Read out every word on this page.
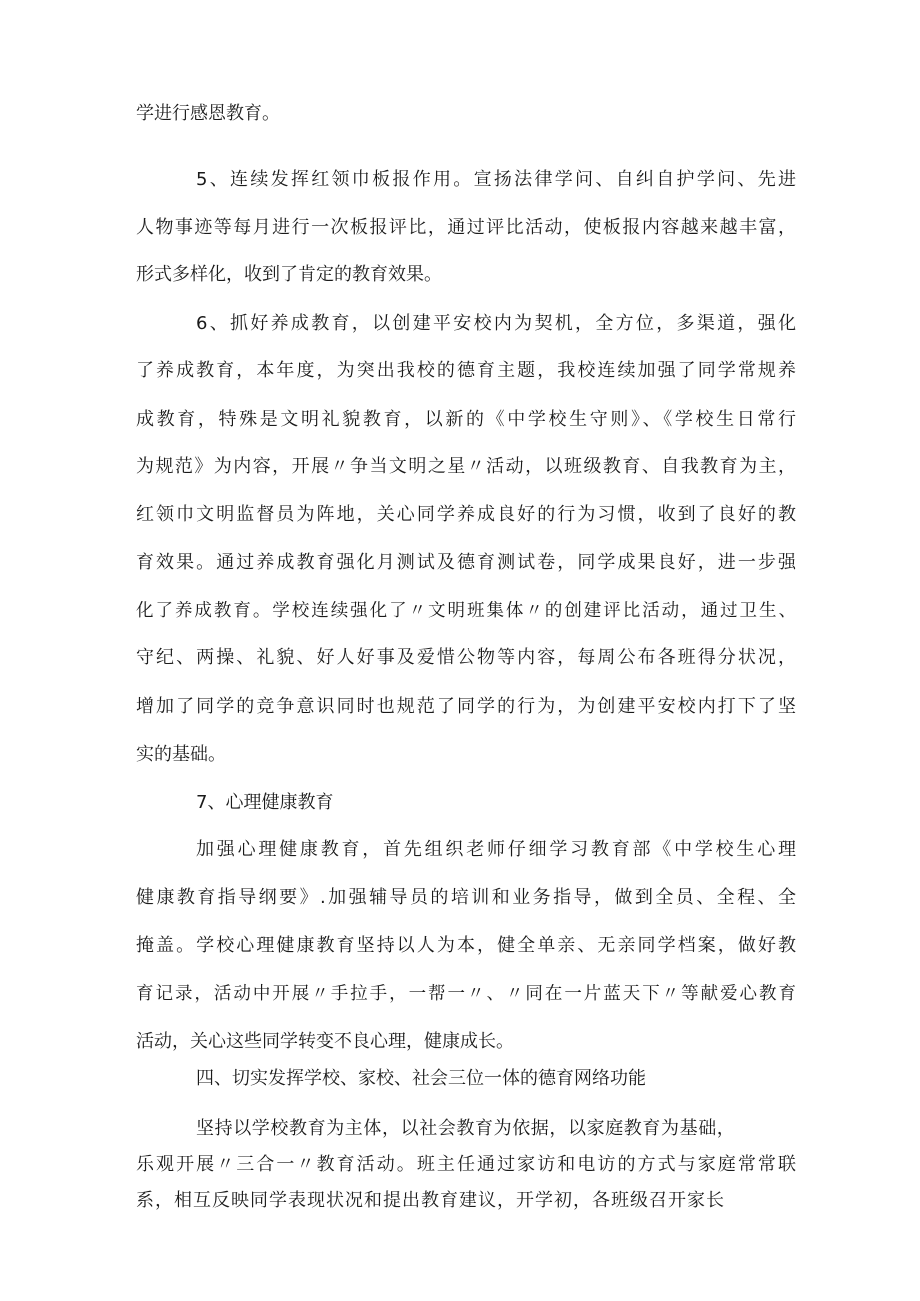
学进行感恩教育。
5、连续发挥红领巾板报作用。宣扬法律学问、自纠自护学问、先进
人物事迹等每月进行一次板报评比，通过评比活动，使板报内容越来越丰富，
形式多样化，收到了肯定的教育效果。
6、抓好养成教育，以创建平安校内为契机，全方位，多渠道，强化
了养成教育，本年度，为突出我校的德育主题，我校连续加强了同学常规养
成教育，特殊是文明礼貌教育，以新的《中学校生守则》、《学校生日常行
为规范》为内容，开展〃争当文明之星〃活动，以班级教育、自我教育为主，
红领巾文明监督员为阵地，关心同学养成良好的行为习惯，收到了良好的教
育效果。通过养成教育强化月测试及德育测试卷，同学成果良好，进一步强
化了养成教育。学校连续强化了〃文明班集体〃的创建评比活动，通过卫生、
守纪、两操、礼貌、好人好事及爱惜公物等内容，每周公布各班得分状况，
增加了同学的竞争意识同时也规范了同学的行为，为创建平安校内打下了坚
实的基础。
7、心理健康教育
加强心理健康教育，首先组织老师仔细学习教育部《中学校生心理
健康教育指导纲要》.加强辅导员的培训和业务指导，做到全员、全程、全
掩盖。学校心理健康教育坚持以人为本，健全单亲、无亲同学档案，做好教
育记录，活动中开展〃手拉手，一帮一〃、〃同在一片蓝天下〃等献爱心教育
活动，关心这些同学转变不良心理，健康成长。
四、切实发挥学校、家校、社会三位一体的德育网络功能
坚持以学校教育为主体，以社会教育为依据，以家庭教育为基础，
乐观开展〃三合一〃教育活动。班主任通过家访和电访的方式与家庭常常联
系，相互反映同学表现状况和提出教育建议，开学初，各班级召开家长
